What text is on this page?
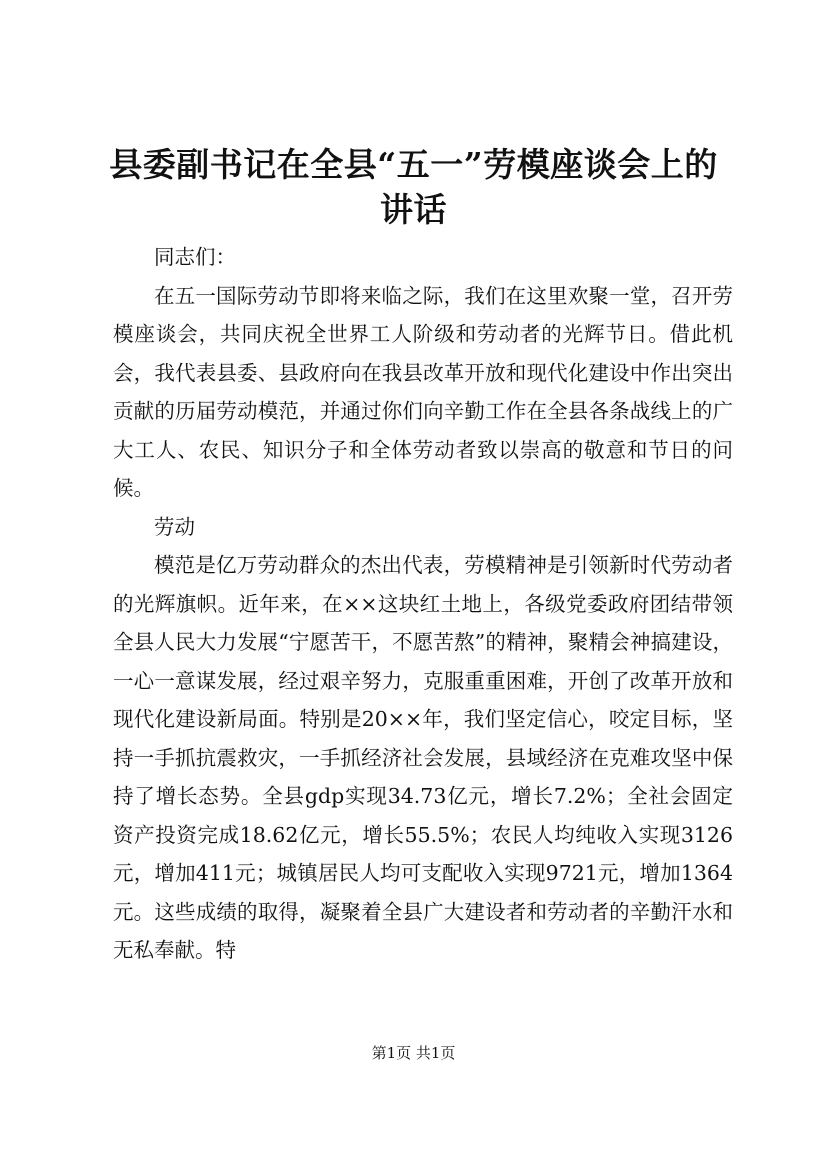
县委副书记在全县“五一”劳模座谈会上的讲话

同志们：

在五一国际劳动节即将来临之际，我们在这里欢聚一堂，召开劳模座谈会，共同庆祝全世界工人阶级和劳动者的光辉节日。借此机会，我代表县委、县政府向在我县改革开放和现代化建设中作出突出贡献的历届劳动模范，并通过你们向辛勤工作在全县各条战线上的广大工人、农民、知识分子和全体劳动者致以崇高的敬意和节日的问候。

劳动

模范是亿万劳动群众的杰出代表，劳模精神是引领新时代劳动者的光辉旗帜。近年来，在××这块红土地上，各级党委政府团结带领全县人民大力发展“宁愿苦干，不愿苦熬”的精神，聚精会神搞建设，一心一意谋发展，经过艰辛努力，克服重重困难，开创了改革开放和现代化建设新局面。特别是20××年，我们坚定信心，咬定目标，坚持一手抓抗震救灾，一手抓经济社会发展，县域经济在克难攻坚中保持了增长态势。全县gdp实现34.73亿元，增长7.2%；全社会固定资产投资完成18.62亿元，增长55.5%；农民人均纯收入实现3126元，增加411元；城镇居民人均可支配收入实现9721元，增加1364元。这些成绩的取得，凝聚着全县广大建设者和劳动者的辛勤汗水和无私奉献。特

第1页 共1页
